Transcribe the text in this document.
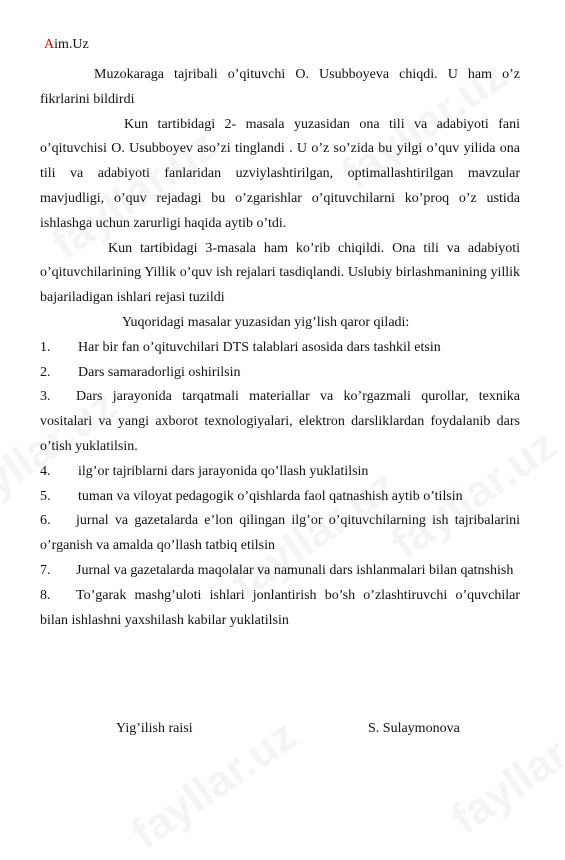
Aim.Uz

Muzokaraga tajribali o’qituvchi O. Usubboyeva chiqdi. U ham o’z fikrlarini bildirdi

Kun tartibidagi 2- masala yuzasidan ona tili va adabiyoti fani o’qituvchisi O. Usubboyev aso’zi tinglandi . U o’z so’zida bu yilgi o’quv yilida ona tili va adabiyoti fanlaridan uzviylashtirilgan, optimallashtirilgan mavzular mavjudligi, o’quv rejadagi bu o’zgarishlar o’qituvchilarni ko’proq o’z ustida ishlashga uchun zarurligi haqida aytib o’tdi.

Kun tartibidagi 3-masala ham ko’rib chiqildi. Ona tili va adabiyoti o’qituvchilarining Yillik o’quv ish rejalari tasdiqlandi. Uslubiy birlashmanining yillik bajariladigan ishlari rejasi tuzildi

Yuqoridagi masalar yuzasidan yig’lish qaror qiladi:

1.	Har bir fan o’qituvchilari DTS talablari asosida dars tashkil etsin
2.	Dars samaradorligi oshirilsin
3. Dars jarayonida tarqatmali materiallar va ko’rgazmali qurollar, texnika vositalari va yangi axborot texnologiyalari, elektron darsliklardan foydalanib dars o’tish yuklatilsin.
4.	ilg’or tajriblarni dars jarayonida qo’llash yuklatilsin
5.	tuman va viloyat pedagogik o’qishlarda faol qatnashish aytib o’tilsin
6. jurnal va gazetalarda e’lon qilingan ilg’or o’qituvchilarning ish tajribalarini o’rganish va amalda qo’llash tatbiq etilsin
7. Jurnal va gazetalarda maqolalar va namunali dars ishlanmalari bilan qatnshish
8. To’garak mashg’uloti ishlari jonlantirish bo’sh o’zlashtiruvchi o’quvchilar bilan ishlashni yaxshilash kabilar yuklatilsin
Yig’ilish raisi	S. Sulaymonova
